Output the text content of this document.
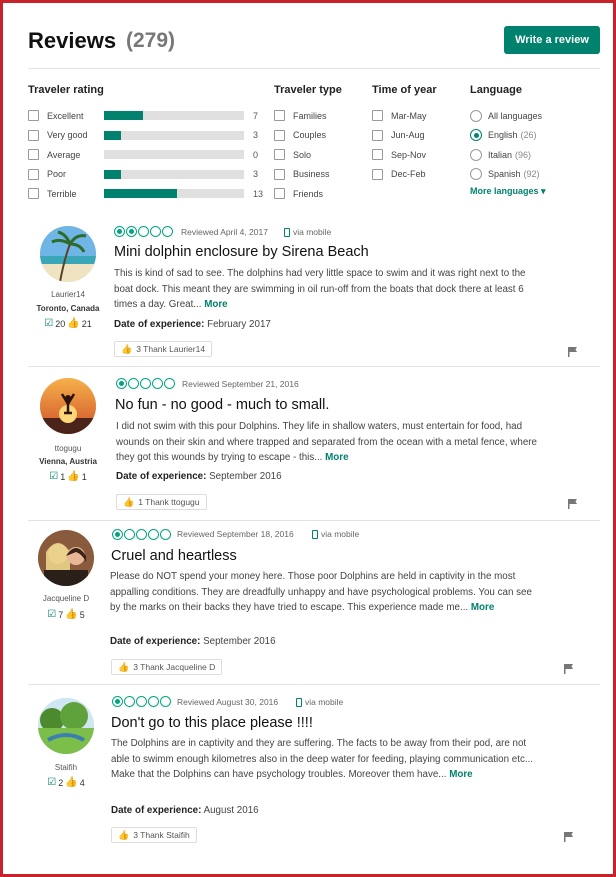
Reviews (279)	Write a review
Traveler rating
Excellent	7
Very good	3
Average	0
Poor	3
Terrible	13
Traveler type
Families
Couples
Solo
Business
Friends
Time of year
Mar-May
Jun-Aug
Sep-Nov
Dec-Feb
Language
All languages
English (26)
Italian (96)
Spanish (92)
More languages ▾
Laurier14
Toronto, Canada
☑ 20 👍 21
Reviewed April 4, 2017	via mobile
Mini dolphin enclosure by Sirena Beach
This is kind of sad to see. The dolphins had very little space to swim and it was right next to the boat dock. This meant they are swimming in oil run-off from the boats that dock there at least 6 times a day. Great... More
Date of experience: February 2017
👍 3 Thank Laurier14
ttogugu
Vienna, Austria
☑ 1 👍 1
Reviewed September 21, 2016
No fun - no good - much to small.
I did not swim with this pour Dolphins. They life in shallow waters, must entertain for food, had wounds on their skin and where trapped and separated from the ocean with a metal fence, where they got this wounds by trying to escape - this... More
Date of experience: September 2016
👍 1 Thank ttogugu
Jacqueline D
☑ 7 👍 5
Reviewed September 18, 2016	via mobile
Cruel and heartless
Please do NOT spend your money here. Those poor Dolphins are held in captivity in the most appalling conditions. They are dreadfully unhappy and have psychological problems. You can see by the marks on their backs they have tried to escape. This experience made me... More
Date of experience: September 2016
👍 3 Thank Jacqueline D
Staifih
☑ 2 👍 4
Reviewed August 30, 2016	via mobile
Don't go to this place please !!!!
The Dolphins are in captivity and they are suffering. The facts to be away from their pod, are not able to swimm enough kilometres also in the deep water for feeding, playing communication etc... Make that the Dolphins can have psychology troubles. Moreover them have... More
Date of experience: August 2016
👍 3 Thank Staifih
